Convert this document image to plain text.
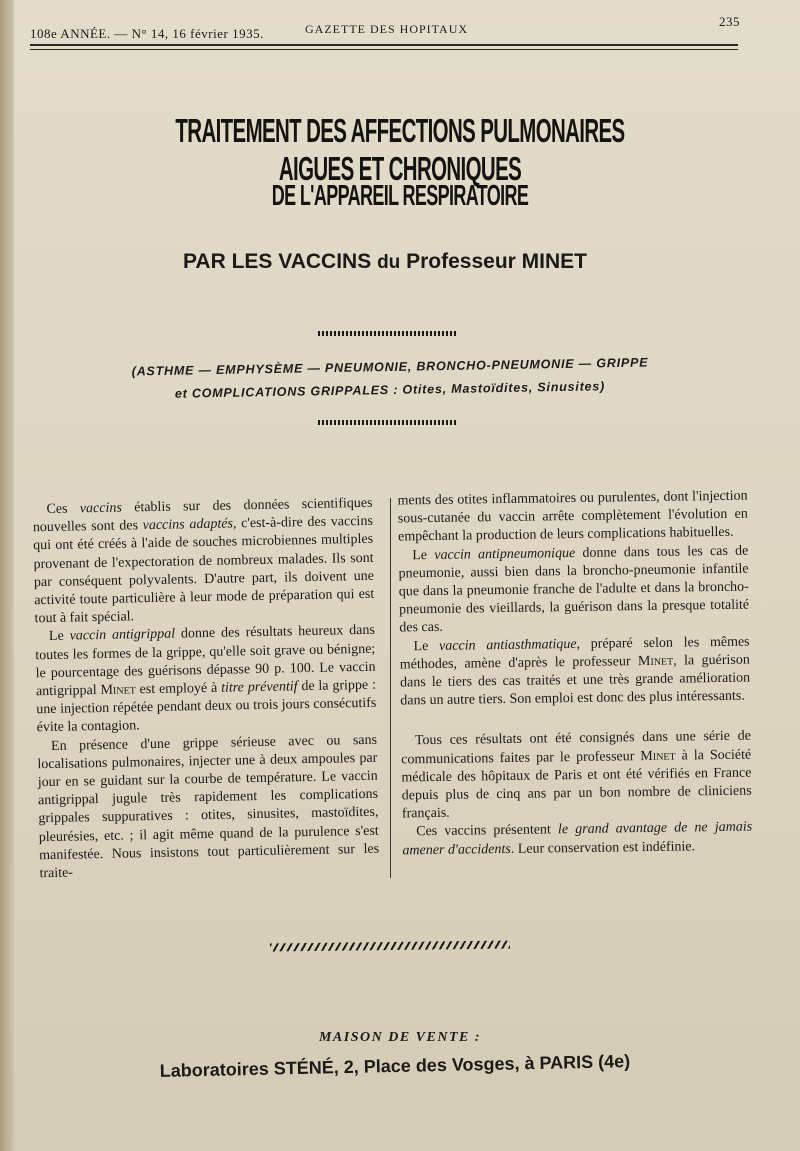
108e ANNÉE. — N° 14, 16 février 1935.	GAZETTE DES HOPITAUX	235
TRAITEMENT DES AFFECTIONS PULMONAIRES AIGUES ET CHRONIQUES
DE L'APPAREIL RESPIRATOIRE
PAR LES VACCINS du Professeur MINET
(ASTHME — EMPHYSÈME — PNEUMONIE, BRONCHO-PNEUMONIE — GRIPPE
et COMPLICATIONS GRIPPALES : Otites, Mastoïdites, Sinusites)

Ces vaccins établis sur des données scientifiques nouvelles sont des vaccins adaptés, c'est-à-dire des vaccins qui ont été créés à l'aide de souches microbiennes multiples provenant de l'expectoration de nombreux malades. Ils sont par conséquent polyvalents. D'autre part, ils doivent une activité toute particulière à leur mode de préparation qui est tout à fait spécial.

Le vaccin antigrippal donne des résultats heureux dans toutes les formes de la grippe, qu'elle soit grave ou bénigne; le pourcentage des guérisons dépasse 90 p. 100. Le vaccin antigrippal Minet est employé à titre préventif de la grippe : une injection répétée pendant deux ou trois jours consécutifs évite la contagion.

En présence d'une grippe sérieuse avec ou sans localisations pulmonaires, injecter une à deux ampoules par jour en se guidant sur la courbe de température. Le vaccin antigrippal jugule très rapidement les complications grippales suppuratives : otites, sinusites, mastoïdites, pleurésies, etc. ; il agit même quand de la purulence s'est manifestée. Nous insistons tout particulièrement sur les traite-

ments des otites inflammatoires ou purulentes, dont l'injection sous-cutanée du vaccin arrête complètement l'évolution en empêchant la production de leurs complications habituelles.

Le vaccin antipneumonique donne dans tous les cas de pneumonie, aussi bien dans la broncho-pneumonie infantile que dans la pneumonie franche de l'adulte et dans la broncho-pneumonie des vieillards, la guérison dans la presque totalité des cas.

Le vaccin antiasthmatique, préparé selon les mêmes méthodes, amène d'après le professeur Minet, la guérison dans le tiers des cas traités et une très grande amélioration dans un autre tiers. Son emploi est donc des plus intéressants.

Tous ces résultats ont été consignés dans une série de communications faites par le professeur Minet à la Société médicale des hôpitaux de Paris et ont été vérifiés en France depuis plus de cinq ans par un bon nombre de cliniciens français.

Ces vaccins présentent le grand avantage de ne jamais amener d'accidents. Leur conservation est indéfinie.

MAISON DE VENTE :
Laboratoires STÉNÉ, 2, Place des Vosges, à PARIS (4e)
